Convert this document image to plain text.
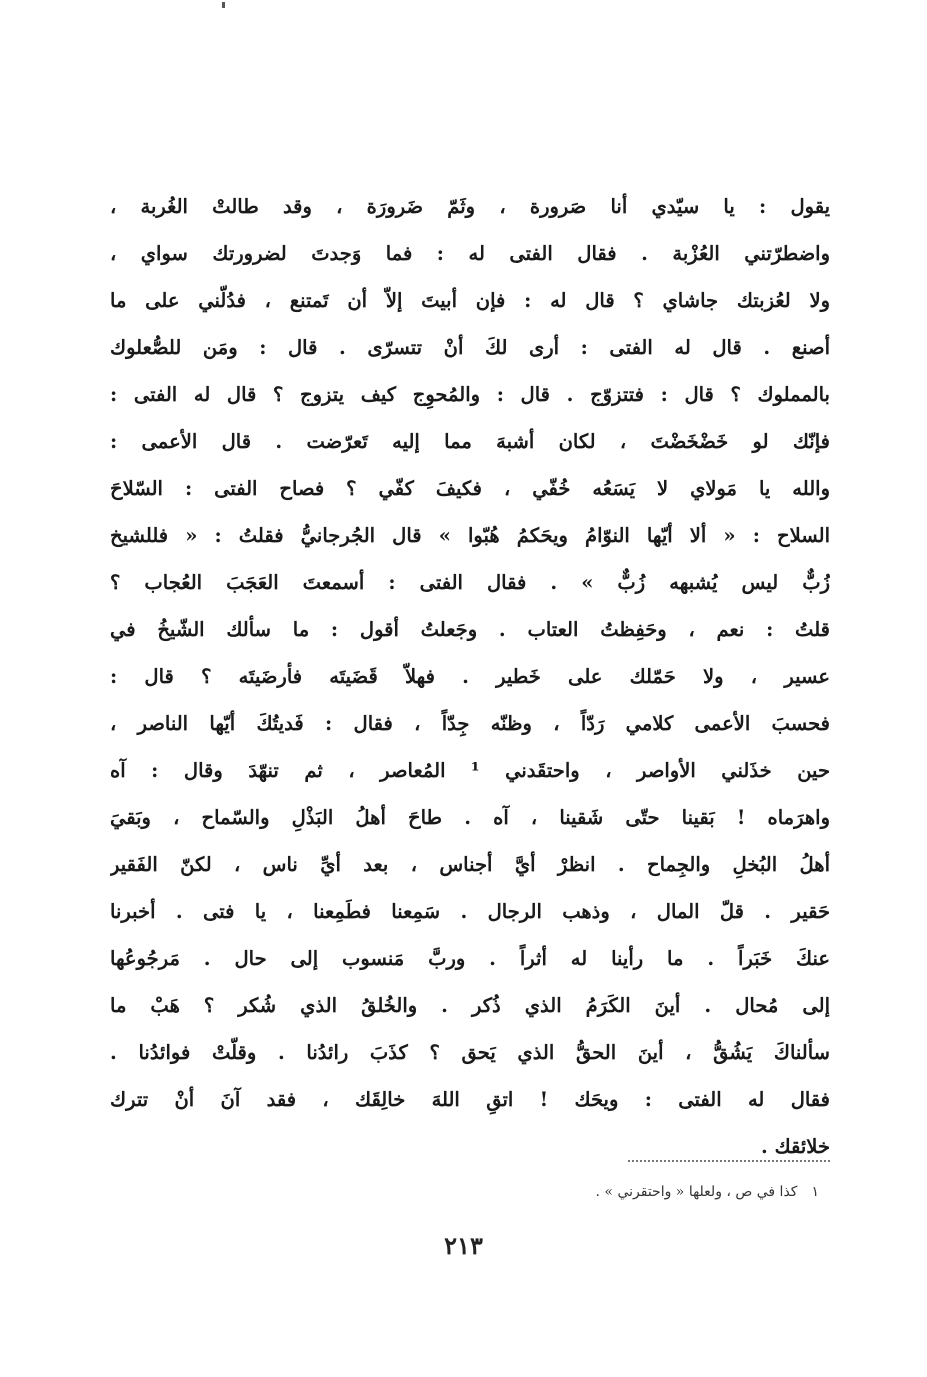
يقول : يا سيّدي أنا صَرورة ، وثَمّ ضَرورَة ، وقد طالتْ الغُربة ،
واضطرّتني العُزْبة . فقال الفتى له : فما وَجدتَ لضرورتك سواي ،
ولا لعُزبتك جاشاي ؟ قال له : فإن أبيتَ إلاّ أن تَمتنع ، فدُلّني على ما
أصنع . قال له الفتى : أرى لكَ أنْ تتسرّى . قال : ومَن للصُّعلوك
بالمملوك ؟ قال : فتتزوّج . قال : والمُحوِج كيف يتزوج ؟ قال له الفتى :
فإنّك لو خَضْخَضْتَ ، لكان أشبهَ مما إليه تَعرّضت . قال الأعمى :
والله يا مَولاي لا يَسَعُه خُفّي ، فكيفَ كفّي ؟ فصاح الفتى : السّلاحَ
السلاح : « ألا أيّها النوّامُ ويحَكمُ هُبّوا » قال الجُرجانيُّ فقلتُ : « فللشيخ
زُبٌّ ليس يُشبهه زُبٌّ » . فقال الفتى : أسمعتَ العَجَبَ العُجاب ؟
قلتُ : نعم ، وحَفِظتُ العتاب . وجَعلتُ أقول : ما سألك الشّيخُ في
عسير ، ولا حَمّلك على خَطير . فهلاّ قَضَيتَه فأرضَيتَه ؟ قال :
فحسبَ الأعمى كلامي رَدّاً ، وظنّه جِدّاً ، فقال : فَديتُكَ أيّها الناصر ،
حين خذَلني الأواصر ، واحتقَدني ¹ المُعاصر ، ثم تنهّدَ وقال : آه
واهرَماه ! بَقينا حتّى شَقينا ، آه . طاحَ أهلُ البَذْلِ والسّماح ، وبَقيَ
أهلُ البُخلِ والجِماح . انظرْ أيَّ أجناس ، بعد أيِّ ناس ، لكنّ الفَقير
حَقير . قلّ المال ، وذهب الرجال . سَمِعنا فطَمِعنا ، يا فتى . أخبرنا
عنكَ خَبَراً . ما رأينا له أثراً . وربَّ مَنسوب إلى حال . مَرجُوعُها
إلى مُحال . أينَ الكَرَمُ الذي ذُكر . والخُلقُ الذي شُكر ؟ هَبْ ما
سألناكَ يَشُقُّ ، أينَ الحقُّ الذي يَحق ؟ كذَبَ رائدُنا . وقلّتْ فوائدُنا .
فقال له الفتى : ويحَك ! اتقِ اللهَ خالِقَك ، فقد آنَ أنْ تترك
خلائقك .
١كذا في ص ، ولعلها « واحتقرني » .
٢١٣
